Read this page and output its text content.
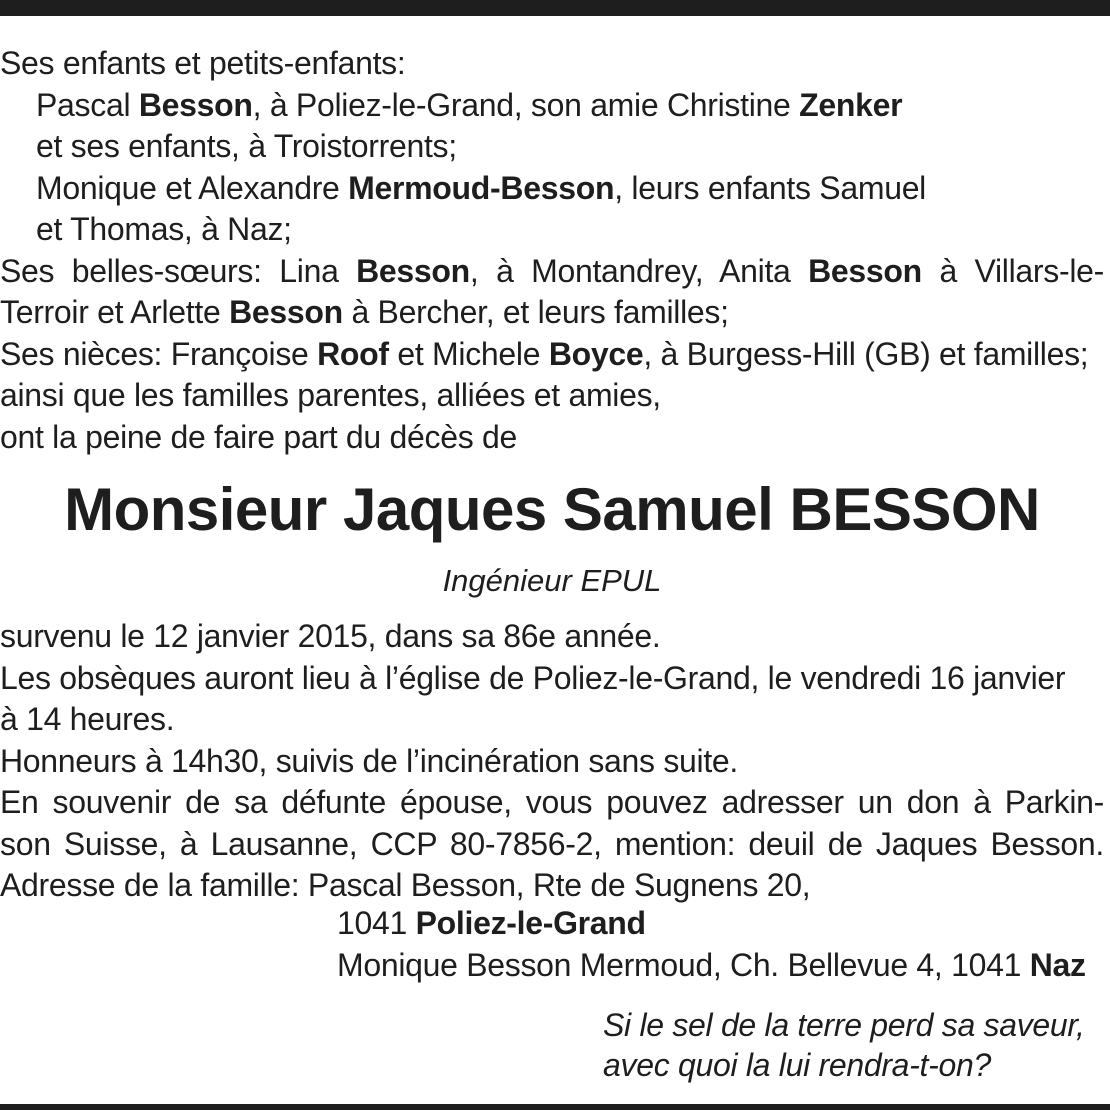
Ses enfants et petits-enfants:
Pascal Besson, à Poliez-le-Grand, son amie Christine Zenker
et ses enfants, à Troistorrents;
Monique et Alexandre Mermoud-Besson, leurs enfants Samuel
et Thomas, à Naz;
Ses belles-sœurs: Lina Besson, à Montandrey, Anita Besson à Villars-le-
Terroir et Arlette Besson à Bercher, et leurs familles;
Ses nièces: Françoise Roof et Michele Boyce, à Burgess-Hill (GB) et familles;
ainsi que les familles parentes, alliées et amies,
ont la peine de faire part du décès de
Monsieur Jaques Samuel BESSON
Ingénieur EPUL
survenu le 12 janvier 2015, dans sa 86e année.
Les obsèques auront lieu à l’église de Poliez-le-Grand, le vendredi 16 janvier
à 14 heures.
Honneurs à 14h30, suivis de l’incinération sans suite.
En souvenir de sa défunte épouse, vous pouvez adresser un don à Parkin-
son Suisse, à Lausanne, CCP 80-7856-2, mention: deuil de Jaques Besson.
Adresse de la famille: Pascal Besson, Rte de Sugnens 20,
1041 Poliez-le-Grand
Monique Besson Mermoud, Ch. Bellevue 4, 1041 Naz
Si le sel de la terre perd sa saveur,
avec quoi la lui rendra-t-on?
